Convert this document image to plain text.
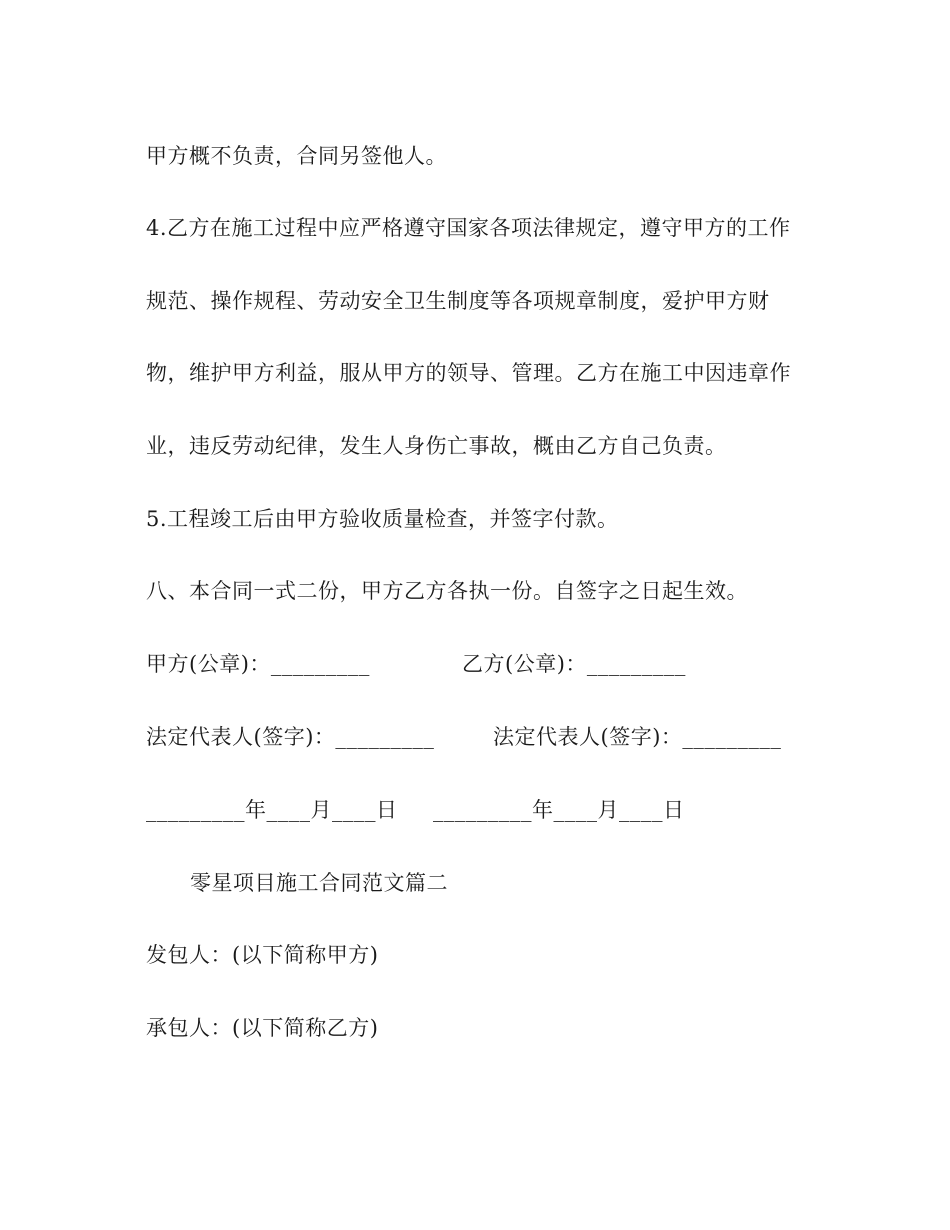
甲方概不负责，合同另签他人。
4.乙方在施工过程中应严格遵守国家各项法律规定，遵守甲方的工作
规范、操作规程、劳动安全卫生制度等各项规章制度，爱护甲方财
物，维护甲方利益，服从甲方的领导、管理。乙方在施工中因违章作
业，违反劳动纪律，发生人身伤亡事故，概由乙方自己负责。
5.工程竣工后由甲方验收质量检查，并签字付款。
八、本合同一式二份，甲方乙方各执一份。自签字之日起生效。
甲方(公章)：_________	乙方(公章)：_________
法定代表人(签字)：_________	法定代表人(签字)：_________
_________年____月____日 _________年____月____日
零星项目施工合同范文篇二
发包人：(以下简称甲方)
承包人：(以下简称乙方)
